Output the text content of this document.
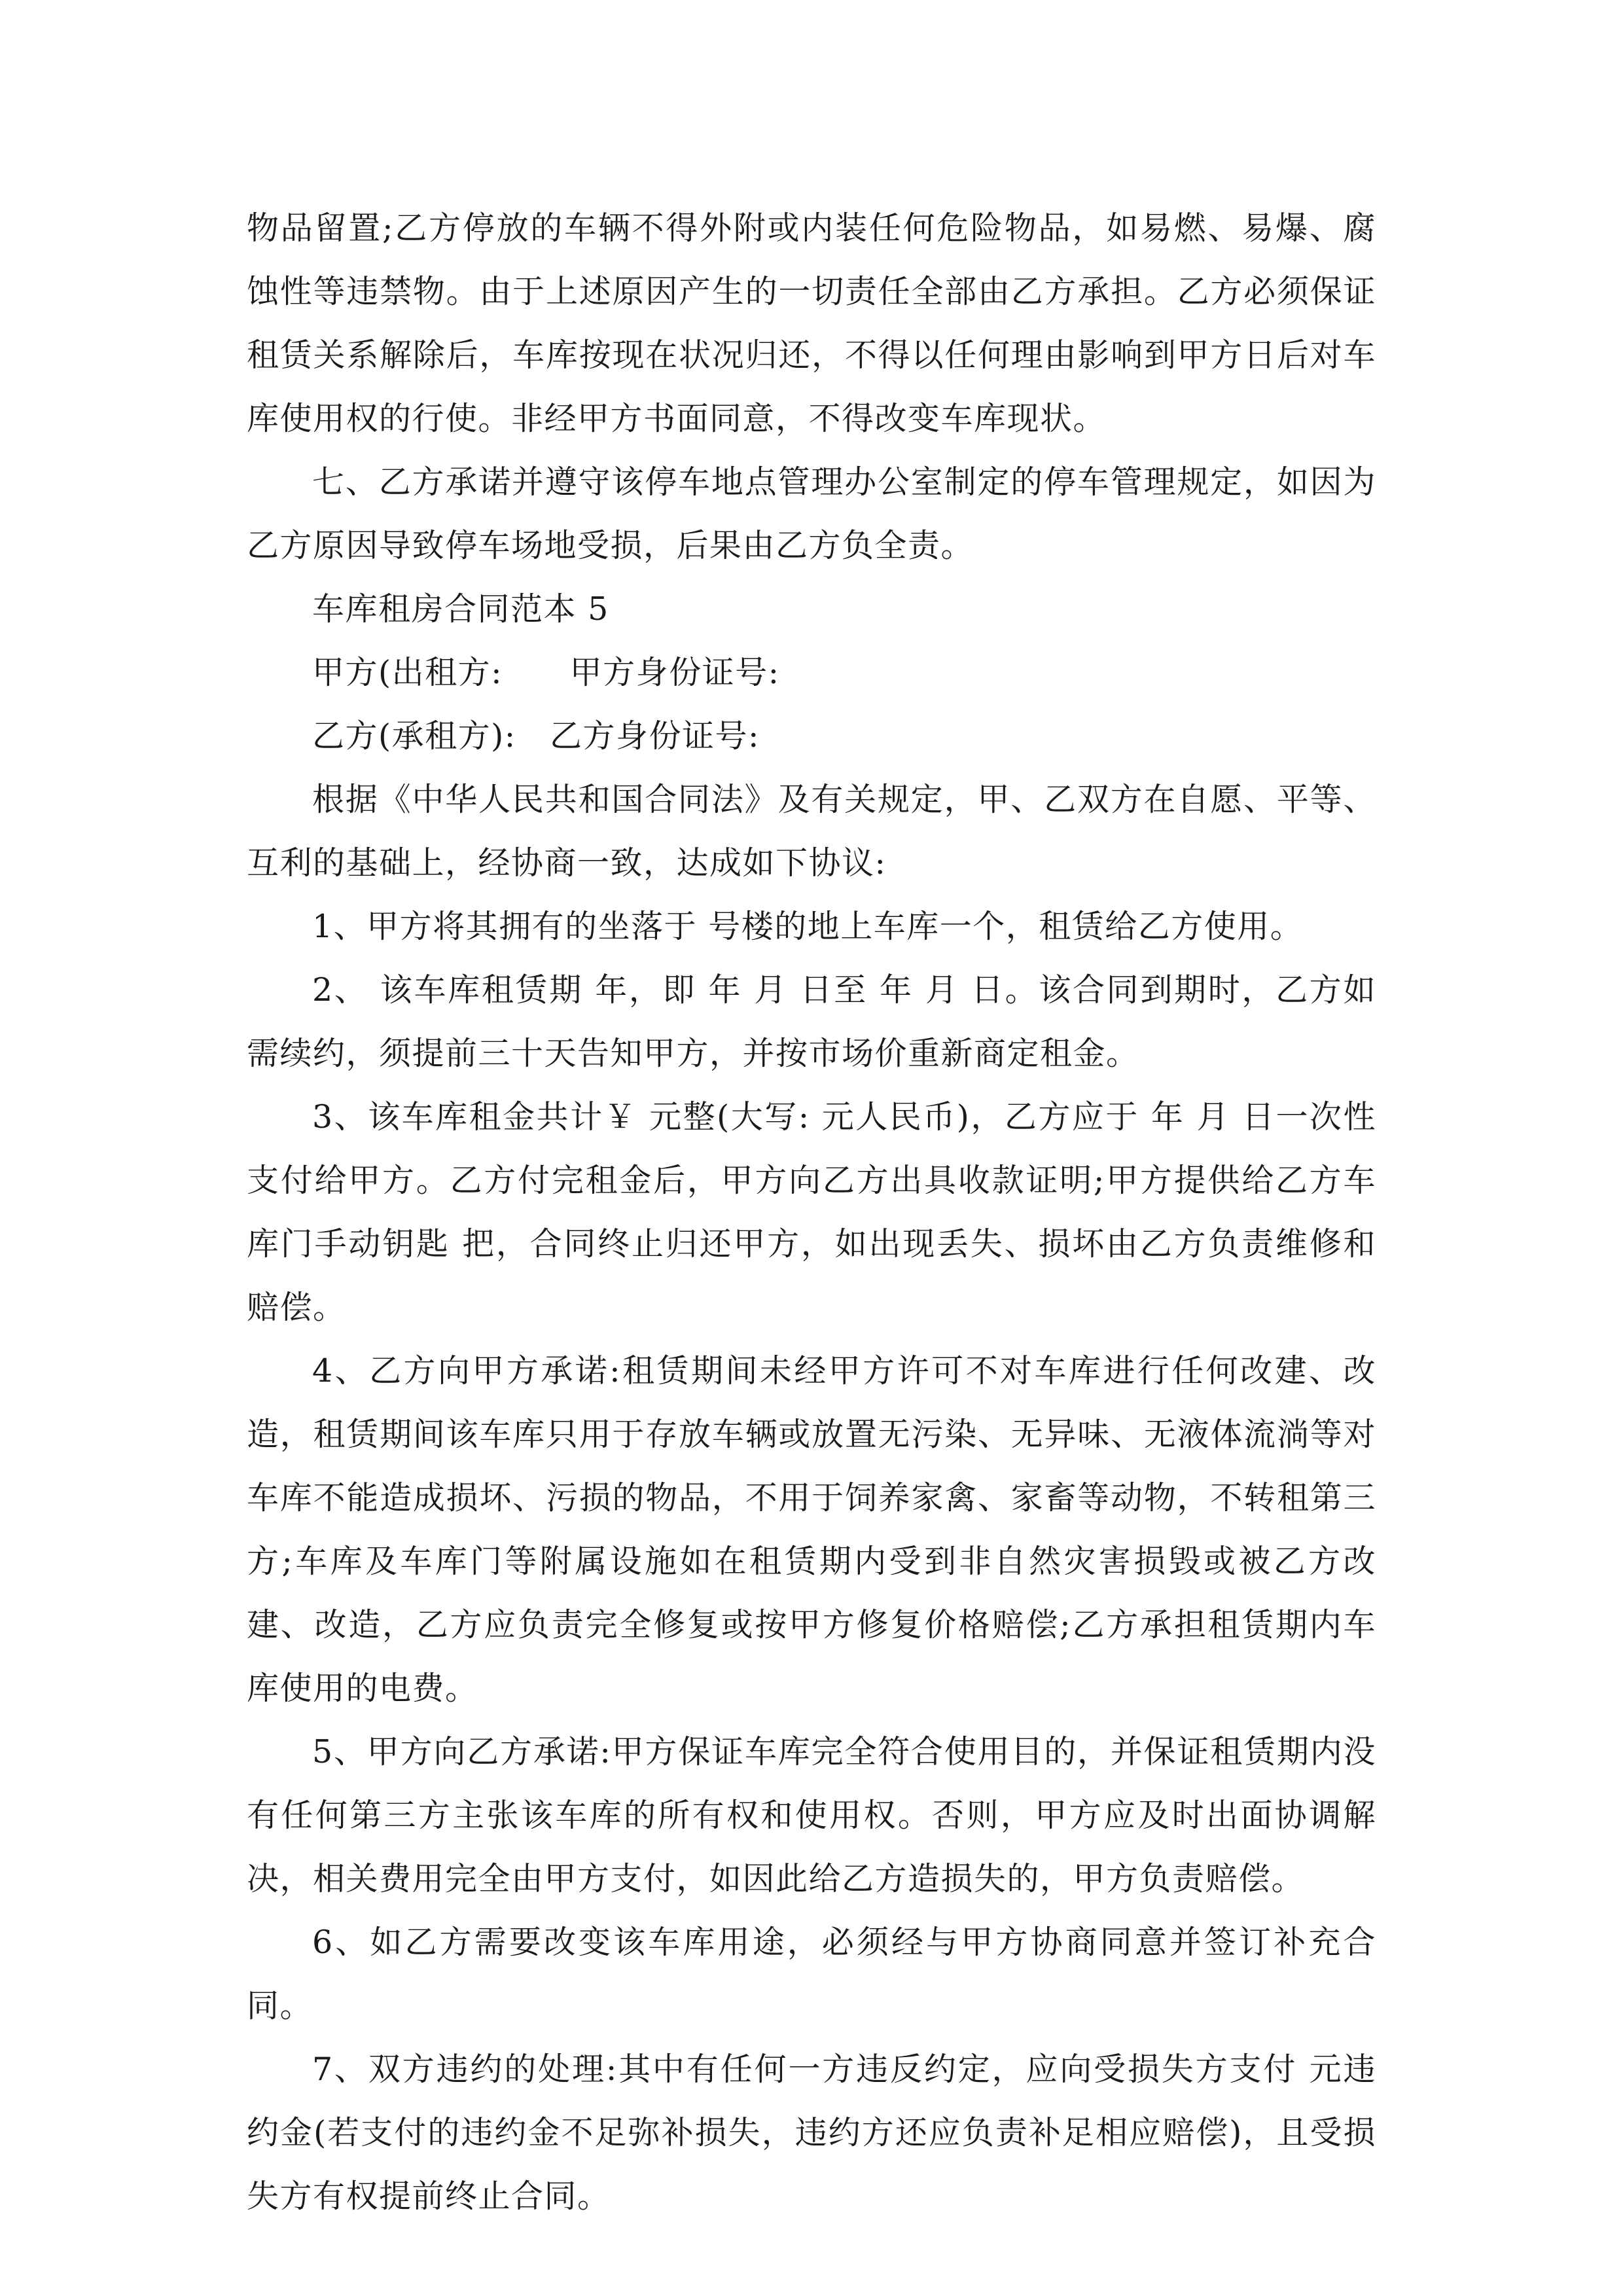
物品留置;乙方停放的车辆不得外附或内装任何危险物品，如易燃、易爆、腐蚀性等违禁物。由于上述原因产生的一切责任全部由乙方承担。乙方必须保证租赁关系解除后，车库按现在状况归还，不得以任何理由影响到甲方日后对车库使用权的行使。非经甲方书面同意，不得改变车库现状。

七、乙方承诺并遵守该停车地点管理办公室制定的停车管理规定，如因为乙方原因导致停车场地受损，后果由乙方负全责。

车库租房合同范本 5

甲方(出租方:      甲方身份证号:

乙方(承租方):   乙方身份证号:

根据《中华人民共和国合同法》及有关规定，甲、乙双方在自愿、平等、互利的基础上，经协商一致，达成如下协议:

1、甲方将其拥有的坐落于 号楼的地上车库一个，租赁给乙方使用。

2、 该车库租赁期 年，即 年 月 日至 年 月 日。该合同到期时，乙方如需续约，须提前三十天告知甲方，并按市场价重新商定租金。

3、该车库租金共计￥ 元整(大写: 元人民币)，乙方应于 年 月 日一次性支付给甲方。乙方付完租金后，甲方向乙方出具收款证明;甲方提供给乙方车库门手动钥匙 把，合同终止归还甲方，如出现丢失、损坏由乙方负责维修和赔偿。

4、乙方向甲方承诺:租赁期间未经甲方许可不对车库进行任何改建、改造，租赁期间该车库只用于存放车辆或放置无污染、无异味、无液体流淌等对车库不能造成损坏、污损的物品，不用于饲养家禽、家畜等动物，不转租第三方;车库及车库门等附属设施如在租赁期内受到非自然灾害损毁或被乙方改建、改造，乙方应负责完全修复或按甲方修复价格赔偿;乙方承担租赁期内车库使用的电费。

5、甲方向乙方承诺:甲方保证车库完全符合使用目的，并保证租赁期内没有任何第三方主张该车库的所有权和使用权。否则，甲方应及时出面协调解决，相关费用完全由甲方支付，如因此给乙方造损失的，甲方负责赔偿。

6、如乙方需要改变该车库用途，必须经与甲方协商同意并签订补充合同。

7、双方违约的处理:其中有任何一方违反约定，应向受损失方支付 元违约金(若支付的违约金不足弥补损失，违约方还应负责补足相应赔偿)，且受损失方有权提前终止合同。
